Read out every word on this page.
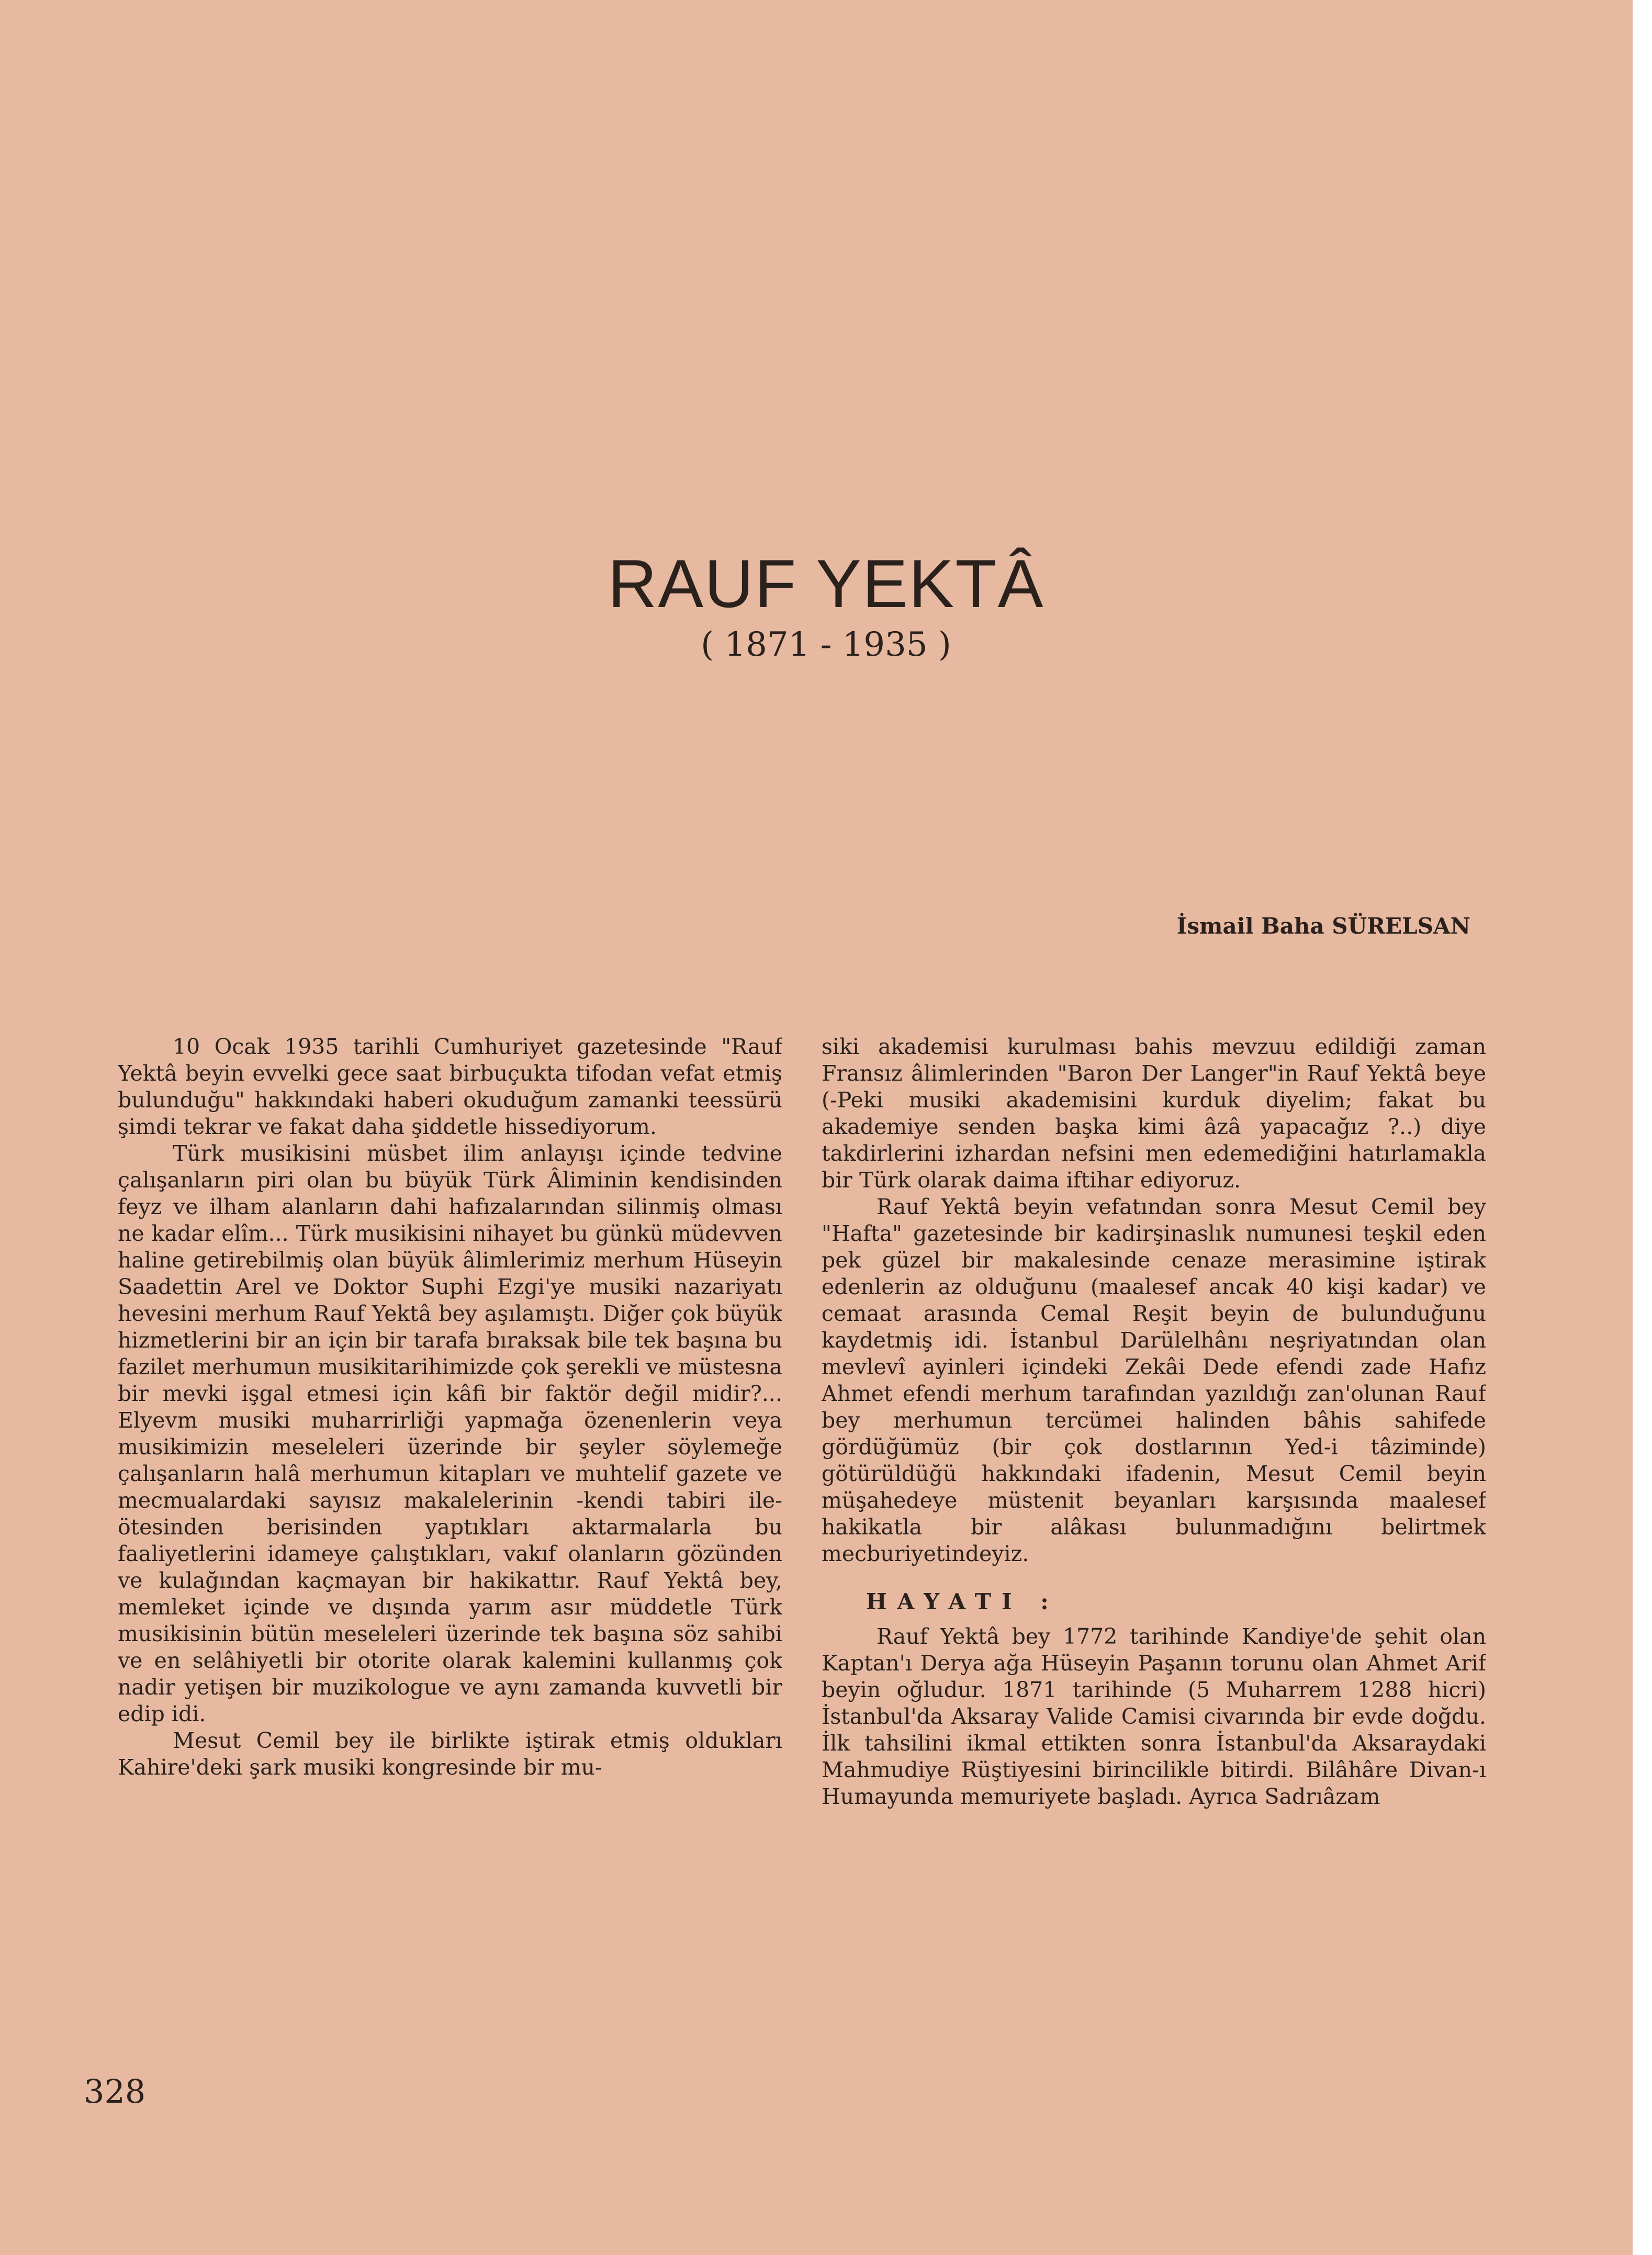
RAUF YEKTÂ
( 1871 - 1935 )
İsmail Baha SÜRELSAN

10 Ocak 1935 tarihli Cumhuriyet gazetesinde "Rauf Yektâ beyin evvelki gece saat birbuçukta tifodan vefat etmiş bulunduğu" hakkındaki haberi okuduğum zamanki teessürü şimdi tekrar ve fakat daha şiddetle hissediyorum.

Türk musikisini müsbet ilim anlayışı içinde tedvine çalışanların piri olan bu büyük Türk Âliminin kendisinden feyz ve ilham alanların dahi hafızalarından silinmiş olması ne kadar elîm... Türk musikisini nihayet bu günkü müdevven haline getirebilmiş olan büyük âlimlerimiz merhum Hüseyin Saadettin Arel ve Doktor Suphi Ezgi'ye musiki nazariyatı hevesini merhum Rauf Yektâ bey aşılamıştı. Diğer çok büyük hizmetlerini bir an için bir tarafa bıraksak bile tek başına bu fazilet merhumun musikitarihimizde çok şerekli ve müstesna bir mevki işgal etmesi için kâfi bir faktör değil midir?... Elyevm musiki muharrirliği yapmağa özenenlerin veya musikimizin meseleleri üzerinde bir şeyler söylemeğe çalışanların halâ merhumun kitapları ve muhtelif gazete ve mecmualardaki sayısız makalelerinin -kendi tabiri ile- ötesinden berisinden yaptıkları aktarmalarla bu faaliyetlerini idameye çalıştıkları, vakıf olanların gözünden ve kulağından kaçmayan bir hakikattır. Rauf Yektâ bey, memleket içinde ve dışında yarım asır müddetle Türk musikisinin bütün meseleleri üzerinde tek başına söz sahibi ve en selâhiyetli bir otorite olarak kalemini kullanmış çok nadir yetişen bir muzikologue ve aynı zamanda kuvvetli bir edip idi.

Mesut Cemil bey ile birlikte iştirak etmiş oldukları Kahire'deki şark musiki kongresinde bir mu-

siki akademisi kurulması bahis mevzuu edildiği zaman Fransız âlimlerinden "Baron Der Langer"in Rauf Yektâ beye (-Peki musiki akademisini kurduk diyelim; fakat bu akademiye senden başka kimi âzâ yapacağız ?..) diye takdirlerini izhardan nefsini men edemediğini hatırlamakla bir Türk olarak daima iftihar ediyoruz.

Rauf Yektâ beyin vefatından sonra Mesut Cemil bey "Hafta" gazetesinde bir kadirşinaslık numunesi teşkil eden pek güzel bir makalesinde cenaze merasimine iştirak edenlerin az olduğunu (maalesef ancak 40 kişi kadar) ve cemaat arasında Cemal Reşit beyin de bulunduğunu kaydetmiş idi. İstanbul Darülelhânı neşriyatından olan mevlevî ayinleri içindeki Zekâi Dede efendi zade Hafız Ahmet efendi merhum tarafından yazıldığı zan'olunan Rauf bey merhumun tercümei halinden bâhis sahifede gördüğümüz (bir çok dostlarının Yed-i tâziminde) götürüldüğü hakkındaki ifadenin, Mesut Cemil beyin müşahedeye müstenit beyanları karşısında maalesef hakikatla bir alâkası bulunmadığını belirtmek mecburiyetindeyiz.

HAYATI :

Rauf Yektâ bey 1772 tarihinde Kandiye'de şehit olan Kaptan'ı Derya ağa Hüseyin Paşanın torunu olan Ahmet Arif beyin oğludur. 1871 tarihinde (5 Muharrem 1288 hicri) İstanbul'da Aksaray Valide Camisi civarında bir evde doğdu. İlk tahsilini ikmal ettikten sonra İstanbul'da Aksaraydaki Mahmudiye Rüştiyesini birincilikle bitirdi. Bilâhâre Divan-ı Humayunda memuriyete başladı. Ayrıca Sadrıâzam

328
